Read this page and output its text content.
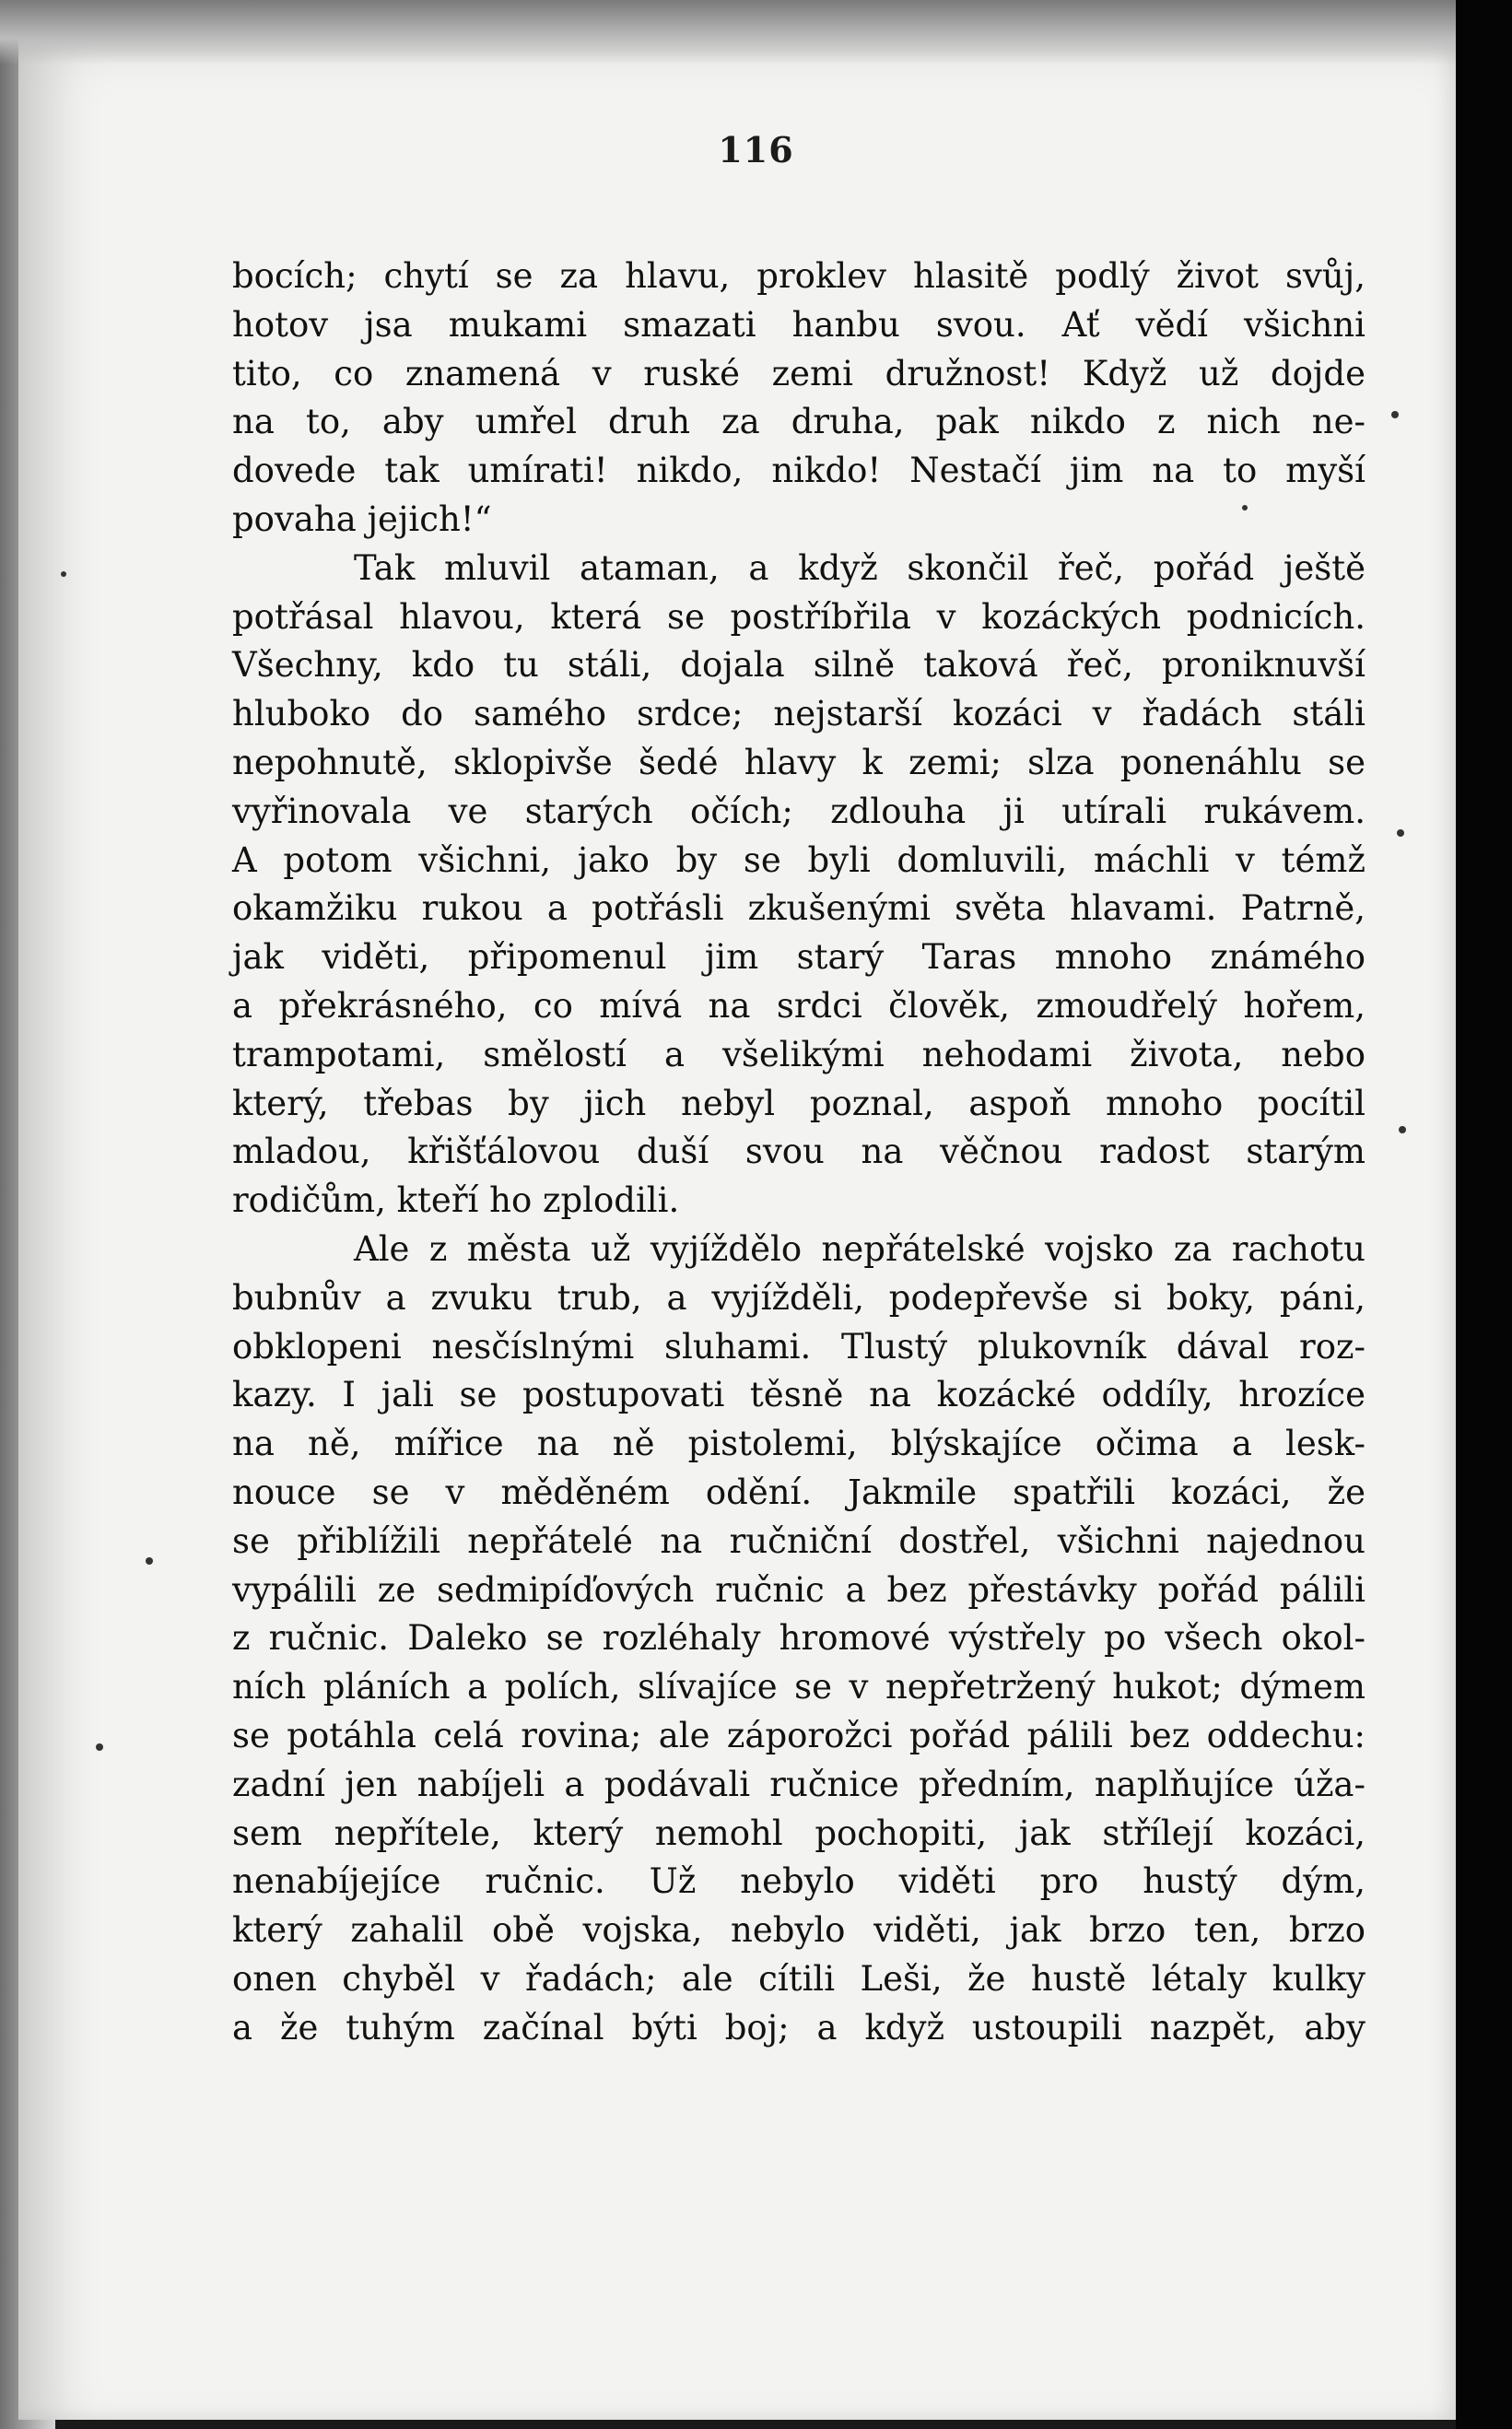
116
bocích; chytí se za hlavu, proklev hlasitě podlý život svůj,
hotov jsa mukami smazati hanbu svou. Ať vědí všichni
tito, co znamená v ruské zemi družnost! Když už dojde
na to, aby umřel druh za druha, pak nikdo z nich ne-
dovede tak umírati! nikdo, nikdo! Nestačí jim na to myší
povaha jejich!“
Tak mluvil ataman, a když skončil řeč, pořád ještě
potřásal hlavou, která se postříbřila v kozáckých podnicích.
Všechny, kdo tu stáli, dojala silně taková řeč, proniknuvší
hluboko do samého srdce; nejstarší kozáci v řadách stáli
nepohnutě, sklopivše šedé hlavy k zemi; slza ponenáhlu se
vyřinovala ve starých očích; zdlouha ji utírali rukávem.
A potom všichni, jako by se byli domluvili, máchli v témž
okamžiku rukou a potřásli zkušenými světa hlavami. Patrně,
jak viděti, připomenul jim starý Taras mnoho známého
a překrásného, co mívá na srdci člověk, zmoudřelý hořem,
trampotami, smělostí a všelikými nehodami života, nebo
který, třebas by jich nebyl poznal, aspoň mnoho pocítil
mladou, křišťálovou duší svou na věčnou radost starým
rodičům, kteří ho zplodili.
Ale z města už vyjíždělo nepřátelské vojsko za rachotu
bubnův a zvuku trub, a vyjížděli, podepřevše si boky, páni,
obklopeni nesčíslnými sluhami. Tlustý plukovník dával roz-
kazy. I jali se postupovati těsně na kozácké oddíly, hrozíce
na ně, mířice na ně pistolemi, blýskajíce očima a lesk-
nouce se v měděném odění. Jakmile spatřili kozáci, že
se přiblížili nepřátelé na ručniční dostřel, všichni najednou
vypálili ze sedmipíďových ručnic a bez přestávky pořád pálili
z ručnic. Daleko se rozléhaly hromové výstřely po všech okol-
ních pláních a polích, slívajíce se v nepřetržený hukot; dýmem
se potáhla celá rovina; ale záporožci pořád pálili bez oddechu:
zadní jen nabíjeli a podávali ručnice předním, naplňujíce úža-
sem nepřítele, který nemohl pochopiti, jak střílejí kozáci,
nenabíjejíce ručnic. Už nebylo viděti pro hustý dým,
který zahalil obě vojska, nebylo viděti, jak brzo ten, brzo
onen chyběl v řadách; ale cítili Leši, že hustě létaly kulky
a že tuhým začínal býti boj; a když ustoupili nazpět, aby
